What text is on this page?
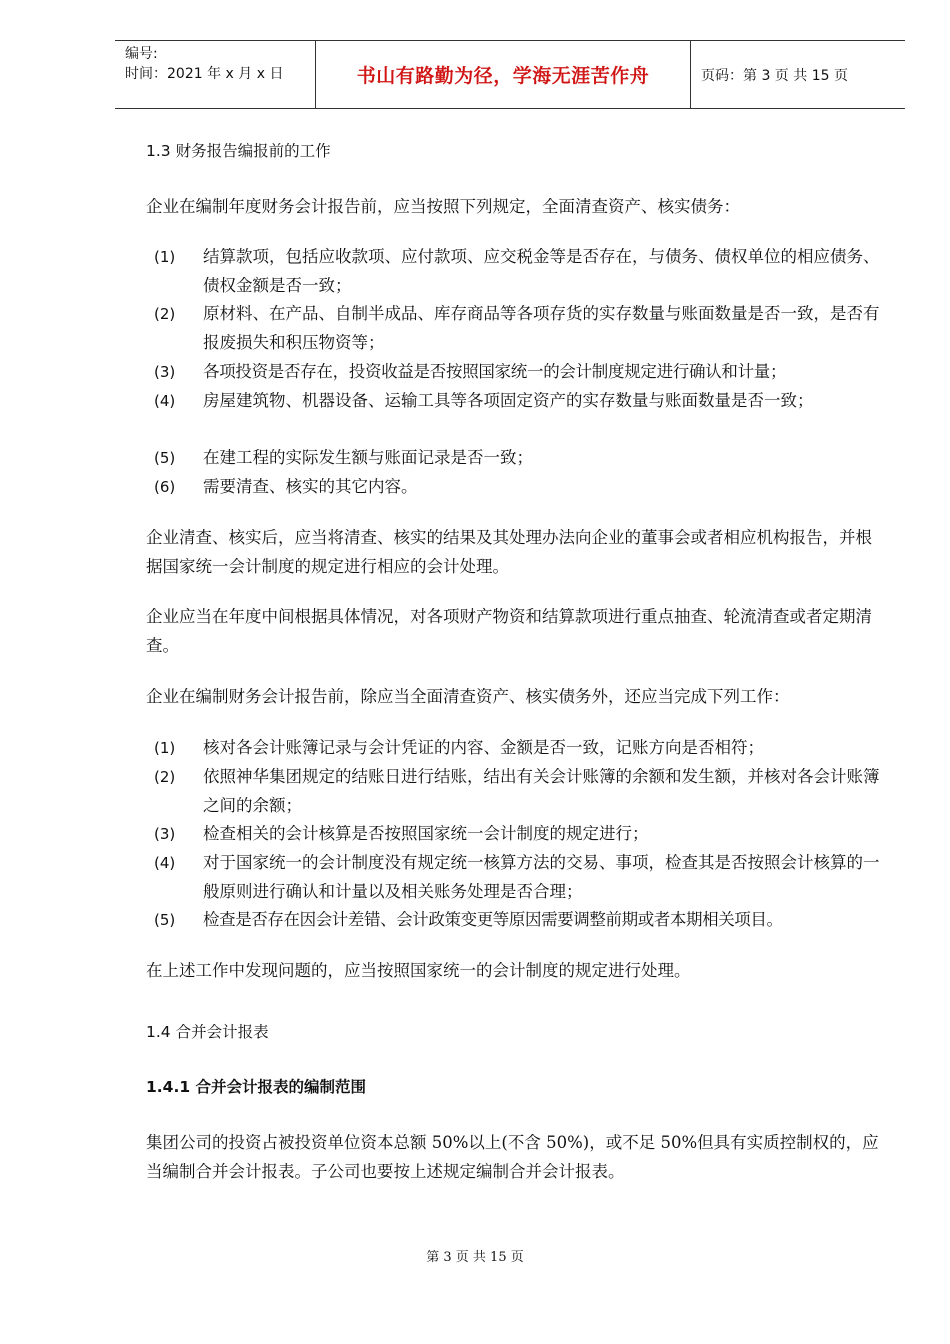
编号:
时间：2021 年 x 月 x 日	书山有路勤为径，学海无涯苦作舟	页码：第 3 页 共 15 页
1.3 财务报告编报前的工作
企业在编制年度财务会计报告前，应当按照下列规定，全面清查资产、核实债务：
(1) 结算款项，包括应收款项、应付款项、应交税金等是否存在，与债务、债权单位的相应债务、债权金额是否一致；
(2) 原材料、在产品、自制半成品、库存商品等各项存货的实存数量与账面数量是否一致，是否有报废损失和积压物资等；
(3) 各项投资是否存在，投资收益是否按照国家统一的会计制度规定进行确认和计量；
(4) 房屋建筑物、机器设备、运输工具等各项固定资产的实存数量与账面数量是否一致；
(5) 在建工程的实际发生额与账面记录是否一致；
(6) 需要清查、核实的其它内容。
企业清查、核实后，应当将清查、核实的结果及其处理办法向企业的董事会或者相应机构报告，并根据国家统一会计制度的规定进行相应的会计处理。
企业应当在年度中间根据具体情况，对各项财产物资和结算款项进行重点抽查、轮流清查或者定期清查。
企业在编制财务会计报告前，除应当全面清查资产、核实债务外，还应当完成下列工作：
(1) 核对各会计账簿记录与会计凭证的内容、金额是否一致，记账方向是否相符；
(2) 依照神华集团规定的结账日进行结账，结出有关会计账簿的余额和发生额，并核对各会计账簿之间的余额；
(3) 检查相关的会计核算是否按照国家统一会计制度的规定进行；
(4) 对于国家统一的会计制度没有规定统一核算方法的交易、事项，检查其是否按照会计核算的一般原则进行确认和计量以及相关账务处理是否合理；
(5) 检查是否存在因会计差错、会计政策变更等原因需要调整前期或者本期相关项目。
在上述工作中发现问题的，应当按照国家统一的会计制度的规定进行处理。
1.4 合并会计报表
1.4.1 合并会计报表的编制范围
集团公司的投资占被投资单位资本总额 50%以上(不含 50%)，或不足 50%但具有实质控制权的，应当编制合并会计报表。子公司也要按上述规定编制合并会计报表。
第 3 页 共 15 页
